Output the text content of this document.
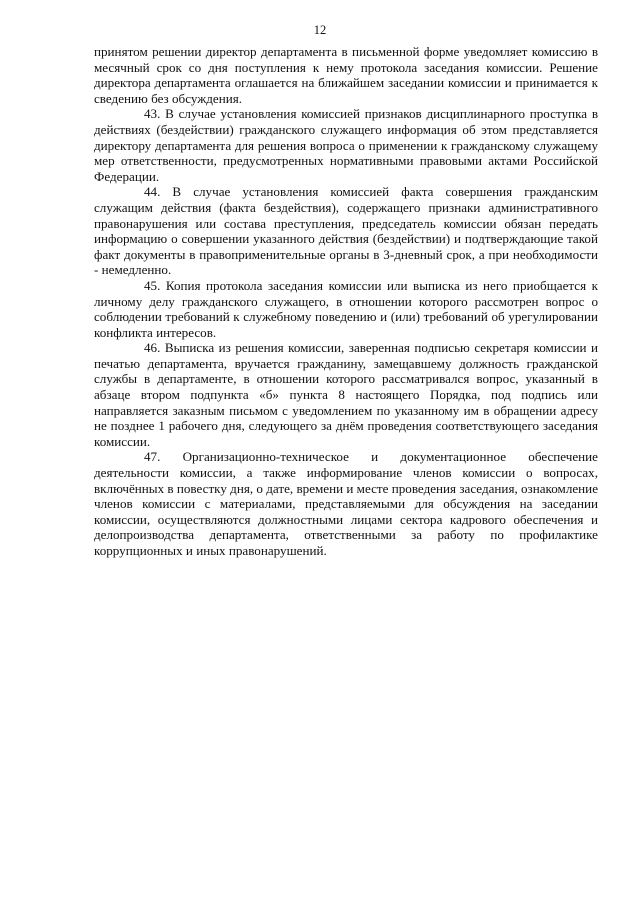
12

принятом решении директор департамента в письменной форме уведомляет комиссию в месячный срок со дня поступления к нему протокола заседания комиссии. Решение директора департамента оглашается на ближайшем заседании комиссии и принимается к сведению без обсуждения.

43. В случае установления комиссией признаков дисциплинарного проступка в действиях (бездействии) гражданского служащего информация об этом представляется директору департамента для решения вопроса о применении к гражданскому служащему мер ответственности, предусмотренных нормативными правовыми актами Российской Федерации.

44. В случае установления комиссией факта совершения гражданским служащим действия (факта бездействия), содержащего признаки административного правонарушения или состава преступления, председатель комиссии обязан передать информацию о совершении указанного действия (бездействии) и подтверждающие такой факт документы в правоприменительные органы в 3-дневный срок, а при необходимости - немедленно.

45. Копия протокола заседания комиссии или выписка из него приобщается к личному делу гражданского служащего, в отношении которого рассмотрен вопрос о соблюдении требований к служебному поведению и (или) требований об урегулировании конфликта интересов.

46. Выписка из решения комиссии, заверенная подписью секретаря комиссии и печатью департамента, вручается гражданину, замещавшему должность гражданской службы в департаменте, в отношении которого рассматривался вопрос, указанный в абзаце втором подпункта «б» пункта 8 настоящего Порядка, под подпись или направляется заказным письмом с уведомлением по указанному им в обращении адресу не позднее 1 рабочего дня, следующего за днём проведения соответствующего заседания комиссии.

47. Организационно-техническое и документационное обеспечение деятельности комиссии, а также информирование членов комиссии о вопросах, включённых в повестку дня, о дате, времени и месте проведения заседания, ознакомление членов комиссии с материалами, представляемыми для обсуждения на заседании комиссии, осуществляются должностными лицами сектора кадрового обеспечения и делопроизводства департамента, ответственными за работу по профилактике коррупционных и иных правонарушений.
